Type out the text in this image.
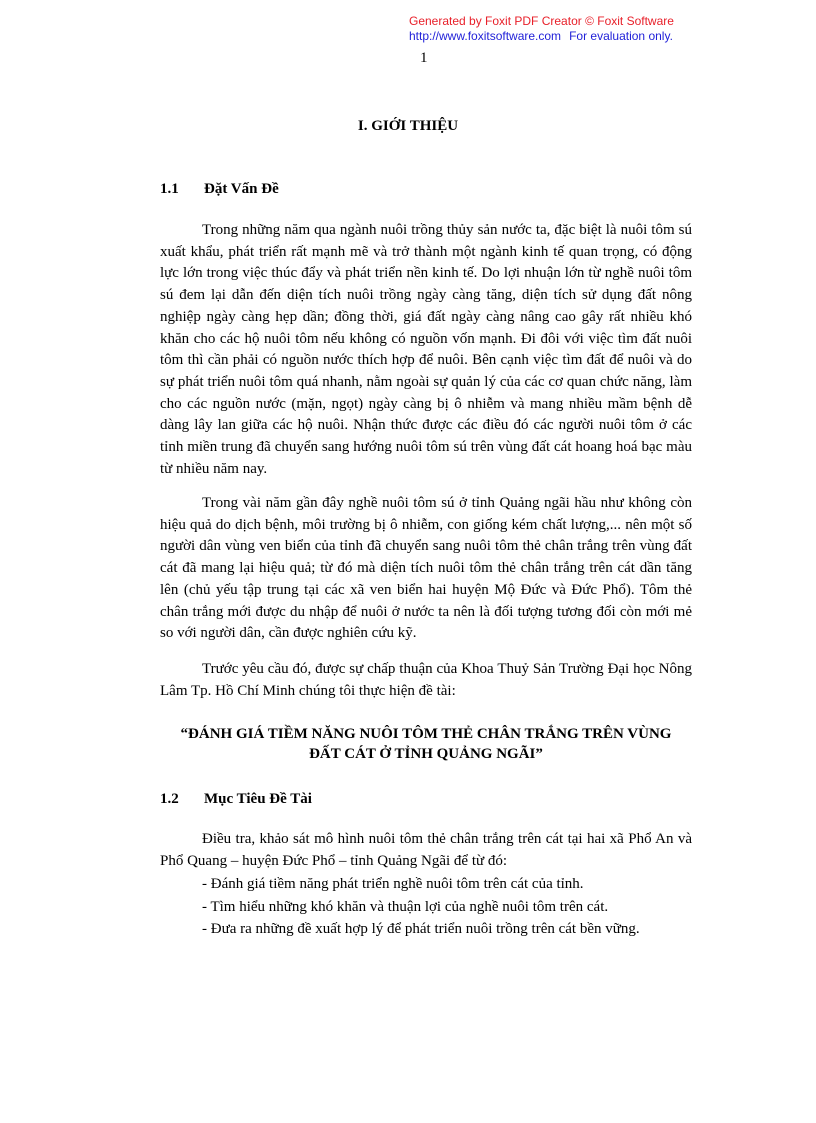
Generated by Foxit PDF Creator © Foxit Software
http://www.foxitsoftware.com For evaluation only.
1
I. GIỚI THIỆU
1.1 Đặt Vấn Đề

Trong những năm qua ngành nuôi trồng thủy sản nước ta, đặc biệt là nuôi tôm sú xuất khẩu, phát triển rất mạnh mẽ và trở thành một ngành kinh tế quan trọng, có động lực lớn trong việc thúc đẩy và phát triển nền kinh tế. Do lợi nhuận lớn từ nghề nuôi tôm sú đem lại dẫn đến diện tích nuôi trồng ngày càng tăng, diện tích sử dụng đất nông nghiệp ngày càng hẹp dần; đồng thời, giá đất ngày càng nâng cao gây rất nhiều khó khăn cho các hộ nuôi tôm nếu không có nguồn vốn mạnh. Đi đôi với việc tìm đất nuôi tôm thì cần phải có nguồn nước thích hợp để nuôi. Bên cạnh việc tìm đất để nuôi và do sự phát triển nuôi tôm quá nhanh, nằm ngoài sự quản lý của các cơ quan chức năng, làm cho các nguồn nước (mặn, ngọt) ngày càng bị ô nhiễm và mang nhiều mầm bệnh dễ dàng lây lan giữa các hộ nuôi. Nhận thức được các điều đó các người nuôi tôm ở các tỉnh miền trung đã chuyển sang hướng nuôi tôm sú trên vùng đất cát hoang hoá bạc màu từ nhiều năm nay.

Trong vài năm gần đây nghề nuôi tôm sú ở tỉnh Quảng ngãi hầu như không còn hiệu quả do dịch bệnh, môi trường bị ô nhiễm, con giống kém chất lượng,... nên một số người dân vùng ven biển của tỉnh đã chuyển sang nuôi tôm thẻ chân trắng trên vùng đất cát đã mang lại hiệu quả; từ đó mà diện tích nuôi tôm thẻ chân trắng trên cát dần tăng lên (chủ yếu tập trung tại các xã ven biển hai huyện Mộ Đức và Đức Phổ). Tôm thẻ chân trắng mới được du nhập để nuôi ở nước ta nên là đối tượng tương đối còn mới mẻ so với người dân, cần được nghiên cứu kỹ.

Trước yêu cầu đó, được sự chấp thuận của Khoa Thuỷ Sản Trường Đại học Nông Lâm Tp. Hồ Chí Minh chúng tôi thực hiện đề tài:

“ĐÁNH GIÁ TIỀM NĂNG NUÔI TÔM THẺ CHÂN TRẮNG TRÊN VÙNG
ĐẤT CÁT Ở TỈNH QUẢNG NGÃI”
1.2 Mục Tiêu Đề Tài

Điều tra, khảo sát mô hình nuôi tôm thẻ chân trắng trên cát tại hai xã Phổ An và Phổ Quang – huyện Đức Phổ – tỉnh Quảng Ngãi để từ đó:

- Đánh giá tiềm năng phát triển nghề nuôi tôm trên cát của tỉnh.
- Tìm hiểu những khó khăn và thuận lợi của nghề nuôi tôm trên cát.
- Đưa ra những đề xuất hợp lý để phát triển nuôi trồng trên cát bền vững.
